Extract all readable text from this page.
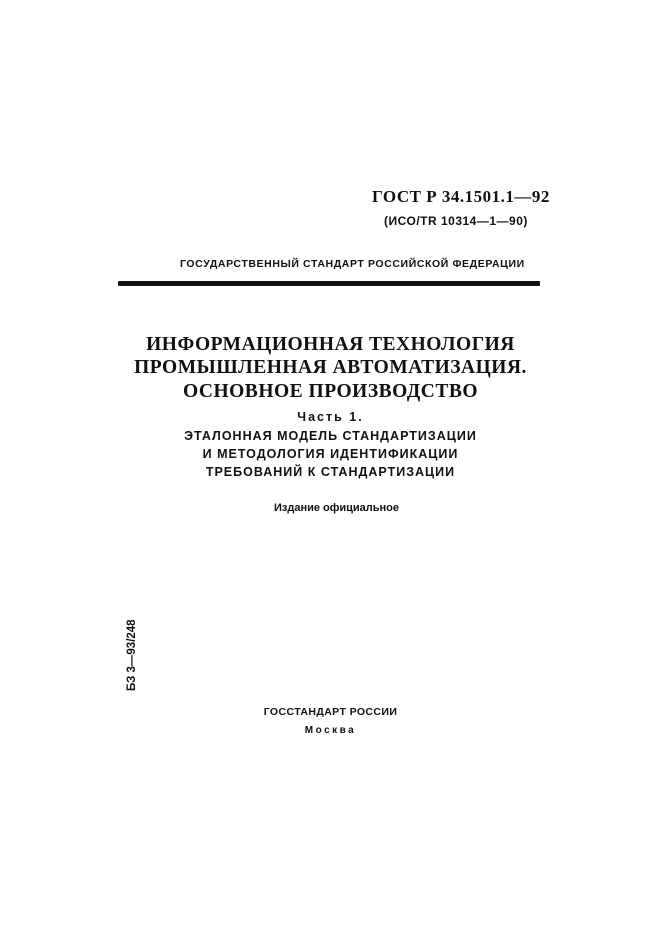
ГОСТ Р 34.1501.1—92
(ИСО/TR 10314—1—90)
ГОСУДАРСТВЕННЫЙ СТАНДАРТ РОССИЙСКОЙ ФЕДЕРАЦИИ
ИНФОРМАЦИОННАЯ ТЕХНОЛОГИЯ
ПРОМЫШЛЕННАЯ АВТОМАТИЗАЦИЯ.
ОСНОВНОЕ ПРОИЗВОДСТВО
Часть 1.
ЭТАЛОННАЯ МОДЕЛЬ СТАНДАРТИЗАЦИИ
И МЕТОДОЛОГИЯ ИДЕНТИФИКАЦИИ
ТРЕБОВАНИЙ К СТАНДАРТИЗАЦИИ
Издание официальное
БЗ 3—93/248
ГОССТАНДАРТ РОССИИ
Москва
